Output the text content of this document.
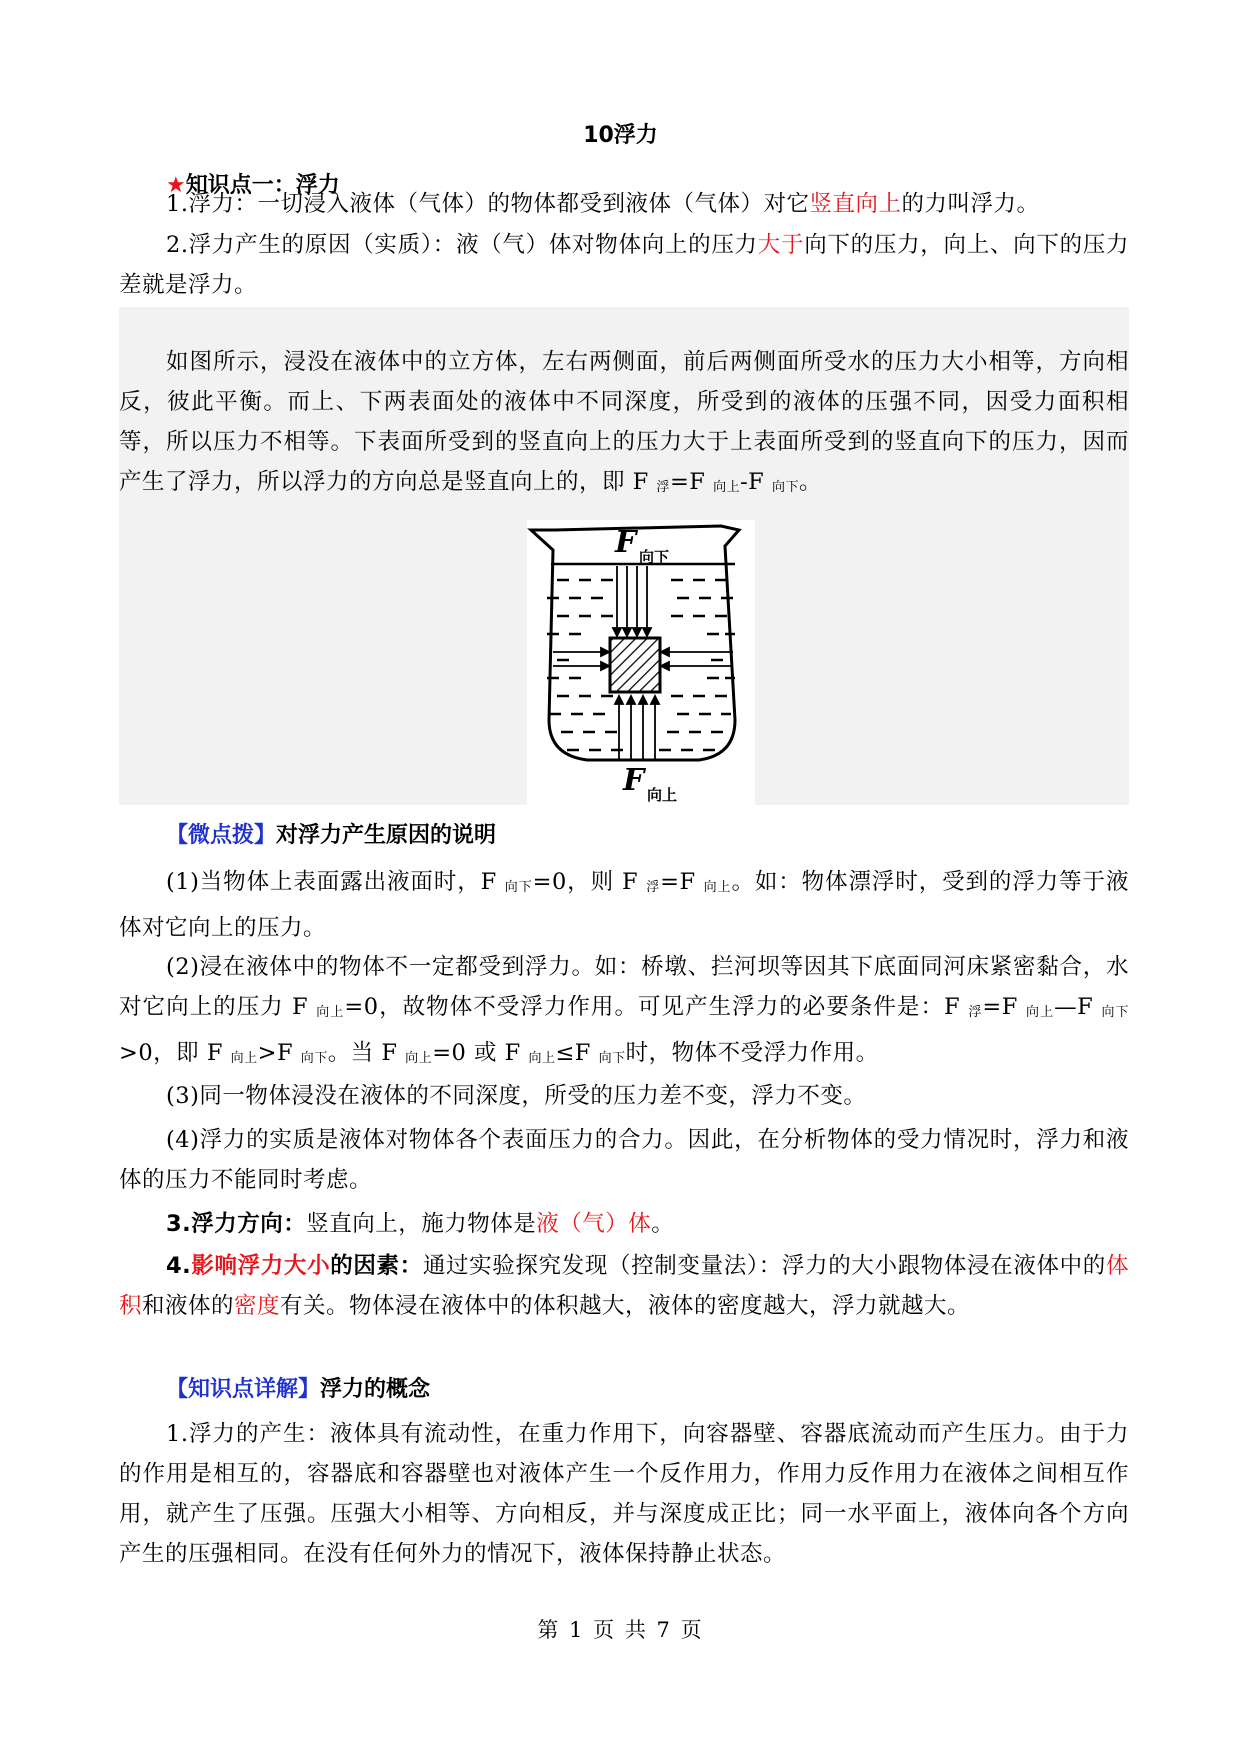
10浮力
★知识点一：浮力
1.浮力：一切浸入液体（气体）的物体都受到液体（气体）对它竖直向上的力叫浮力。
2.浮力产生的原因（实质）：液（气）体对物体向上的压力大于向下的压力，向上、向下的压力差就是浮力。
如图所示，浸没在液体中的立方体，左右两侧面，前后两侧面所受水的压力大小相等，方向相反，彼此平衡。而上、下两表面处的液体中不同深度，所受到的液体的压强不同，因受力面积相等，所以压力不相等。下表面所受到的竖直向上的压力大于上表面所受到的竖直向下的压力，因而产生了浮力，所以浮力的方向总是竖直向上的，即 F $_浮$=F $_{向上}$-F $_{向下}$。
F 向下
F 向上
【微点拨】对浮力产生原因的说明
(1)当物体上表面露出液面时，F $_{向下}$=0，则 F $_浮$=F $_{向上}$。如：物体漂浮时，受到的浮力等于液体对它向上的压力。
(2)浸在液体中的物体不一定都受到浮力。如：桥墩、拦河坝等因其下底面同河床紧密黏合，水对它向上的压力 F $_{向上}$=0，故物体不受浮力作用。可见产生浮力的必要条件是：F $_浮$=F $_{向上}$—F $_{向下}$>0，即 F $_{向上}$>F $_{向下}$。当 F $_{向上}$=0 或 F $_{向上}$≤F $_{向下}$时，物体不受浮力作用。
(3)同一物体浸没在液体的不同深度，所受的压力差不变，浮力不变。
(4)浮力的实质是液体对物体各个表面压力的合力。因此，在分析物体的受力情况时，浮力和液体的压力不能同时考虑。
3.浮力方向：竖直向上，施力物体是液（气）体。
4.影响浮力大小的因素：通过实验探究发现（控制变量法）：浮力的大小跟物体浸在液体中的体积和液体的密度有关。物体浸在液体中的体积越大，液体的密度越大，浮力就越大。
【知识点详解】浮力的概念
1.浮力的产生：液体具有流动性，在重力作用下，向容器壁、容器底流动而产生压力。由于力的作用是相互的，容器底和容器壁也对液体产生一个反作用力，作用力反作用力在液体之间相互作用，就产生了压强。压强大小相等、方向相反，并与深度成正比；同一水平面上，液体向各个方向产生的压强相同。在没有任何外力的情况下，液体保持静止状态。
第 1 页 共 7 页
